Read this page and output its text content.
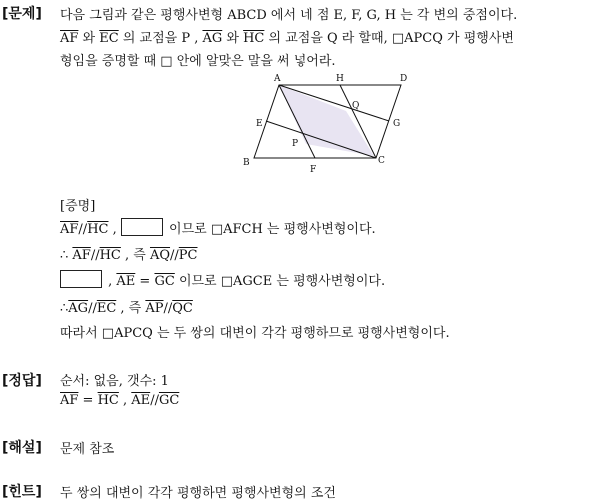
[문제] 다음 그림과 같은 평행사변형 ABCD 에서 네 점 E, F, G, H 는 각 변의 중점이다.
$\overline{AF}$ 와 $\overline{EC}$ 의 교점을 P , $\overline{AG}$ 와 $\overline{HC}$ 의 교점을 Q 라 할때, □APCQ 가 평행사변
형임을 증명할 때 □ 안에 알맞은 말을 써 넣어라.
A	H	D
E
Q
G
P
B
F
C
[증명]
$\overline{AF}//\overline{HC}$ ,	이므로 □AFCH 는 평행사변형이다.
∴ $\overline{AF}//\overline{HC}$ , 즉 $\overline{AQ}//\overline{PC}$
, $\overline{AE} = \overline{GC}$ 이므로 □AGCE 는 평행사변형이다.
$\therefore\overline{AG}//\overline{EC}$ , 즉 $\overline{AP}//\overline{QC}$
따라서 □APCQ 는 두 쌍의 대변이 각각 평행하므로 평행사변형이다.
[정답] 순서: 없음, 갯수: 1
$\overline{AF} = \overline{HC}$ , $\overline{AE}//\overline{GC}$
[해설] 문제 참조
[힌트] 두 쌍의 대변이 각각 평행하면 평행사변형의 조건
